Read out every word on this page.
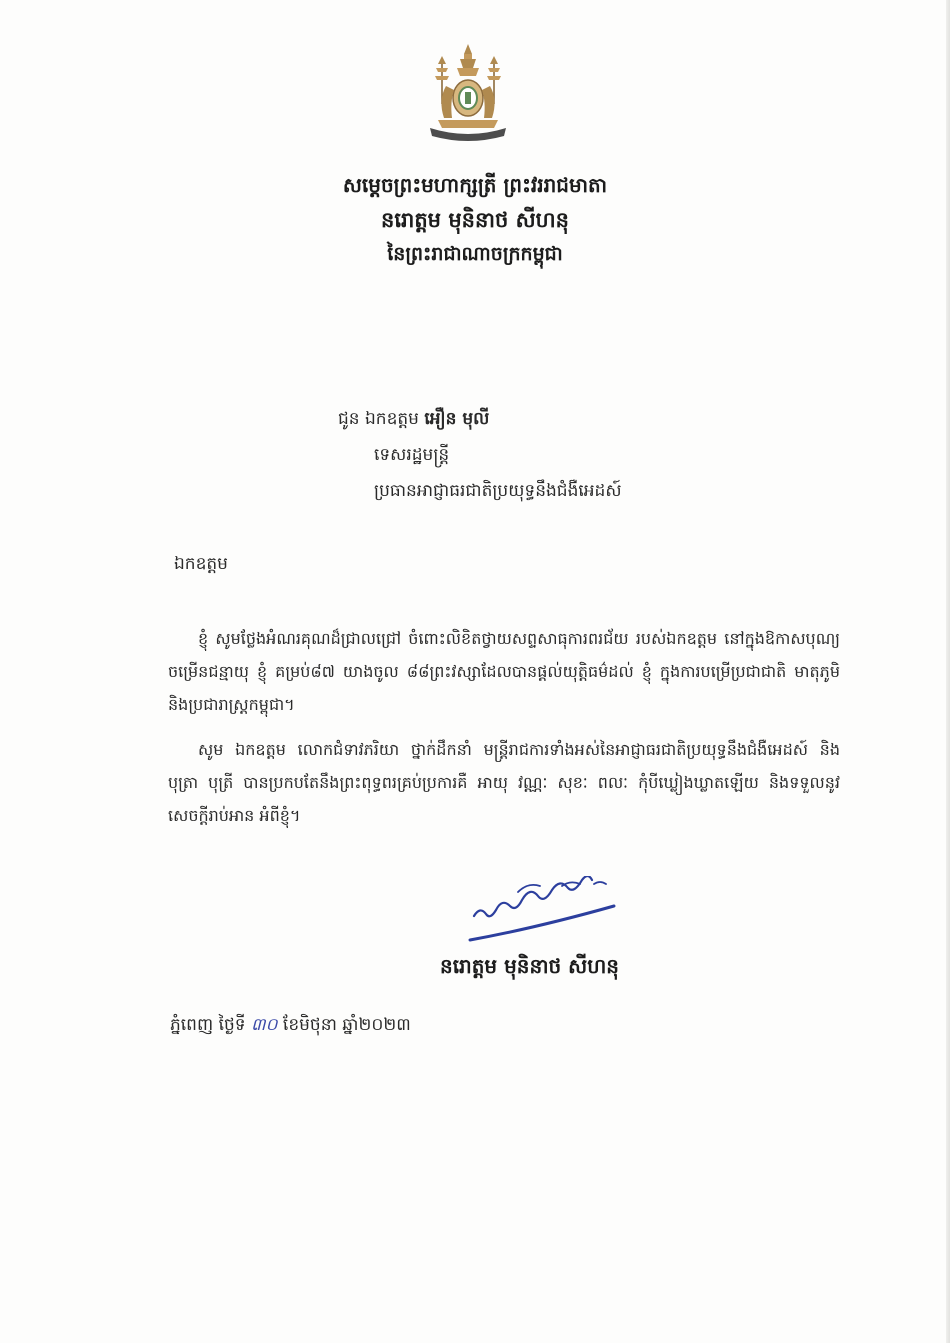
សម្តេចព្រះមហាក្សត្រី ព្រះវររាជមាតា
នរោត្តម មុនិនាថ សីហនុ
នៃព្រះរាជាណាចក្រកម្ពុជា
ជូន ឯកឧត្តម អឿន មុលី
ទេសរដ្ឋមន្ត្រី
ប្រធានអាជ្ញាធរជាតិប្រយុទ្ធនឹងជំងឺអេដស៍
ឯកឧត្តម
ខ្ញុំ សូមថ្លែងអំណរគុណដ៏ជ្រាលជ្រៅ ចំពោះលិខិតថ្វាយសព្ទសាធុការពរជ័យ របស់ឯកឧត្តម នៅក្នុងឱកាសបុណ្យចម្រើនជន្មាយុ ខ្ញុំ គម្រប់៨៧ យាងចូល ៨៨ព្រះវស្សាដែលបានផ្តល់យុត្តិធម៌ដល់ ខ្ញុំ ក្នុងការបម្រើប្រជាជាតិ មាតុភូមិ និងប្រជារាស្ត្រកម្ពុជា។
សូម ឯកឧត្តម លោកជំទាវភរិយា ថ្នាក់ដឹកនាំ មន្ត្រីរាជការទាំងអស់នៃអាជ្ញាធរជាតិប្រយុទ្ធនឹងជំងឺអេដស៍ និង បុត្រា បុត្រី បានប្រកបតែនឹងព្រះពុទ្ធពរគ្រប់ប្រការគឺ អាយុ វណ្ណៈ សុខៈ ពលៈ កុំបីឃ្លៀងឃ្លាតឡើយ និងទទួលនូវសេចក្តីរាប់អាន អំពីខ្ញុំ។
នរោត្តម មុនិនាថ សីហនុ
ភ្នំពេញ ថ្ងៃទី ៣០ ខែមិថុនា ឆ្នាំ២០២៣
